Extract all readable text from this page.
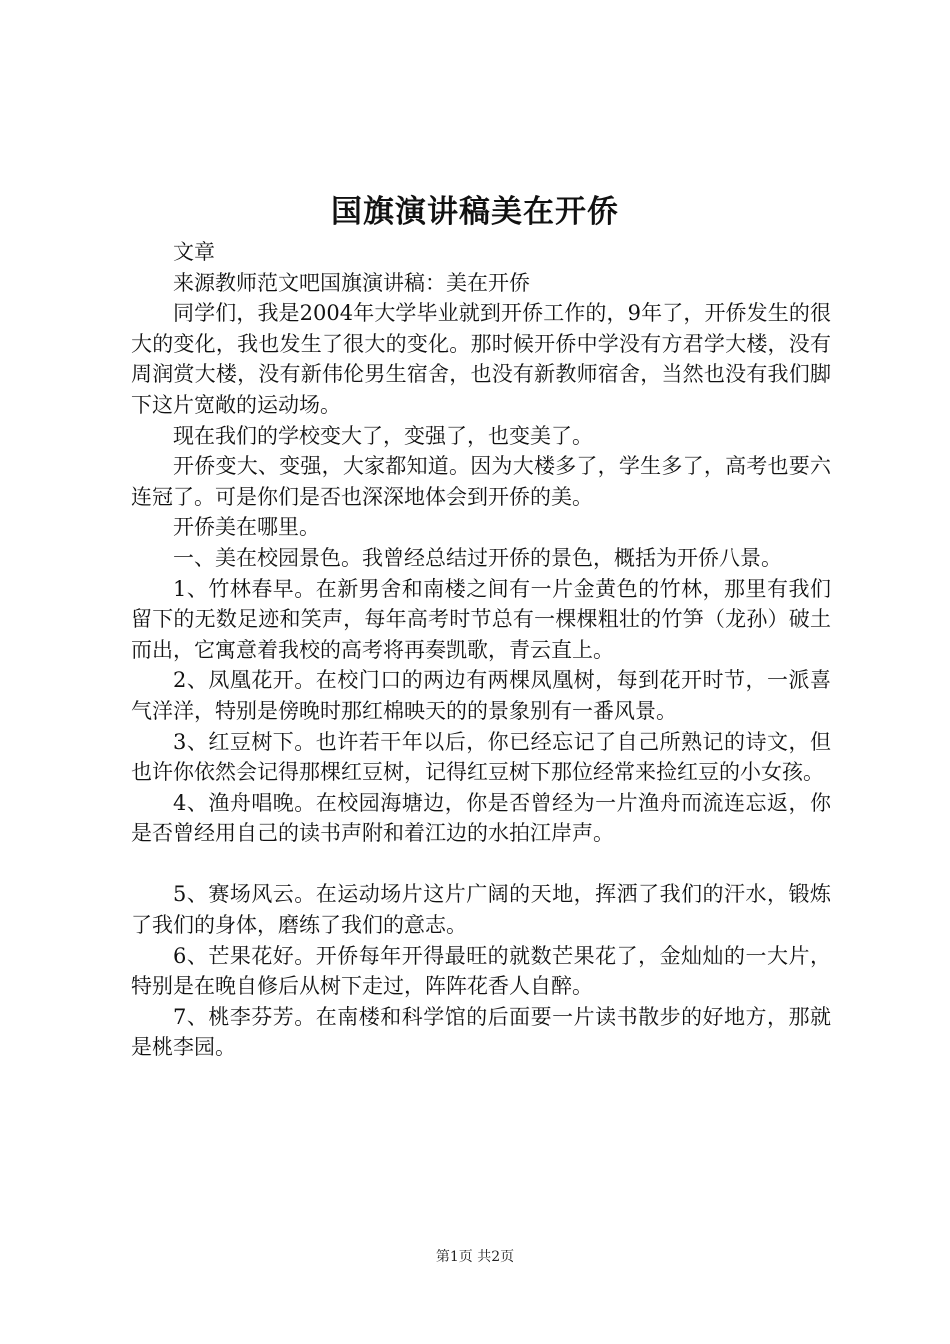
国旗演讲稿美在开侨

文章

来源教师范文吧国旗演讲稿：美在开侨

同学们，我是2004年大学毕业就到开侨工作的，9年了，开侨发生的很大的变化，我也发生了很大的变化。那时候开侨中学没有方君学大楼，没有周润赏大楼，没有新伟伦男生宿舍，也没有新教师宿舍，当然也没有我们脚下这片宽敞的运动场。

现在我们的学校变大了，变强了，也变美了。

开侨变大、变强，大家都知道。因为大楼多了，学生多了，高考也要六连冠了。可是你们是否也深深地体会到开侨的美。

开侨美在哪里。

一、美在校园景色。我曾经总结过开侨的景色，概括为开侨八景。

1、竹林春早。在新男舍和南楼之间有一片金黄色的竹林，那里有我们留下的无数足迹和笑声，每年高考时节总有一棵棵粗壮的竹笋（龙孙）破土而出，它寓意着我校的高考将再奏凯歌，青云直上。

2、凤凰花开。在校门口的两边有两棵凤凰树，每到花开时节，一派喜气洋洋，特别是傍晚时那红棉映天的的景象别有一番风景。

3、红豆树下。也许若干年以后，你已经忘记了自己所熟记的诗文，但也许你依然会记得那棵红豆树，记得红豆树下那位经常来捡红豆的小女孩。

4、渔舟唱晚。在校园海塘边，你是否曾经为一片渔舟而流连忘返，你是否曾经用自己的读书声附和着江边的水拍江岸声。

5、赛场风云。在运动场片这片广阔的天地，挥洒了我们的汗水，锻炼了我们的身体，磨练了我们的意志。

6、芒果花好。开侨每年开得最旺的就数芒果花了，金灿灿的一大片，特别是在晚自修后从树下走过，阵阵花香人自醉。

7、桃李芬芳。在南楼和科学馆的后面要一片读书散步的好地方，那就是桃李园。

第1页 共2页
